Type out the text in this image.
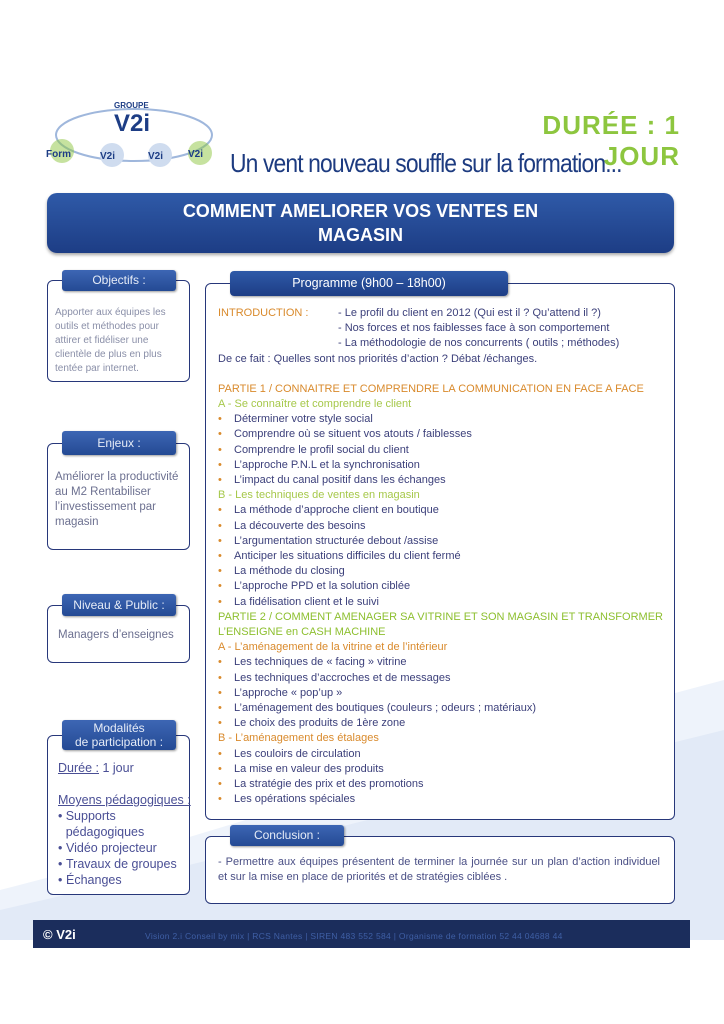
GROUPE
V2i
Form	V2i	V2i V2i
DURÉE : 1 JOUR
Un vent nouveau souffle sur la formation...
COMMENT AMELIORER VOS VENTES EN
MAGASIN
Objectifs :
Apporter aux équipes les outils et méthodes pour attirer et fidéliser une clientèle de plus en plus tentée par internet.
Enjeux :
Améliorer la productivité au M2 Rentabiliser l’investissement par magasin
Niveau & Public :
Managers d’enseignes
Modalités
de participation :
Durée : 1 jour
Moyens pédagogiques :
• Supports pédagogiques
• Vidéo projecteur
• Travaux de groupes
• Échanges
Programme (9h00 – 18h00)
INTRODUCTION :	- Le profil du client en 2012 (Qui est il ? Qu’attend il ?)
- Nos forces et nos faiblesses face à son comportement
- La méthodologie de nos concurrents ( outils ; méthodes)
De ce fait : Quelles sont nos priorités d’action ? Débat /échanges.
PARTIE 1 / CONNAITRE ET COMPRENDRE LA COMMUNICATION EN FACE A FACE
A - Se connaître et comprendre le client
• Déterminer votre style social
• Comprendre où se situent vos atouts / faiblesses
• Comprendre le profil social du client
• L’approche P.N.L et la synchronisation
• L’impact du canal positif dans les échanges
B - Les techniques de ventes en magasin
• La méthode d’approche client en boutique
• La découverte des besoins
• L’argumentation structurée debout /assise
• Anticiper les situations difficiles du client fermé
• La méthode du closing
• L’approche PPD et la solution ciblée
• La fidélisation client et le suivi
PARTIE 2 / COMMENT AMENAGER SA VITRINE ET SON MAGASIN ET TRANSFORMER
L’ENSEIGNE en CASH MACHINE
A - L’aménagement de la vitrine et de l’intérieur
• Les techniques de « facing » vitrine
• Les techniques d’accroches et de messages
• L’approche « pop’up »
• L’aménagement des boutiques (couleurs ; odeurs ; matériaux)
• Le choix des produits de 1ère zone
B - L’aménagement des étalages
• Les couloirs de circulation
• La mise en valeur des produits
• La stratégie des prix et des promotions
• Les opérations spéciales
Conclusion :
- Permettre aux équipes présentent de terminer la journée sur un plan d’action individuel et sur la mise en place de priorités et de stratégies ciblées .
© V2i	Vision 2.i Conseil by mix | RCS Nantes | SIREN 483 552 584 | Organisme de formation 52 44 04688 44
